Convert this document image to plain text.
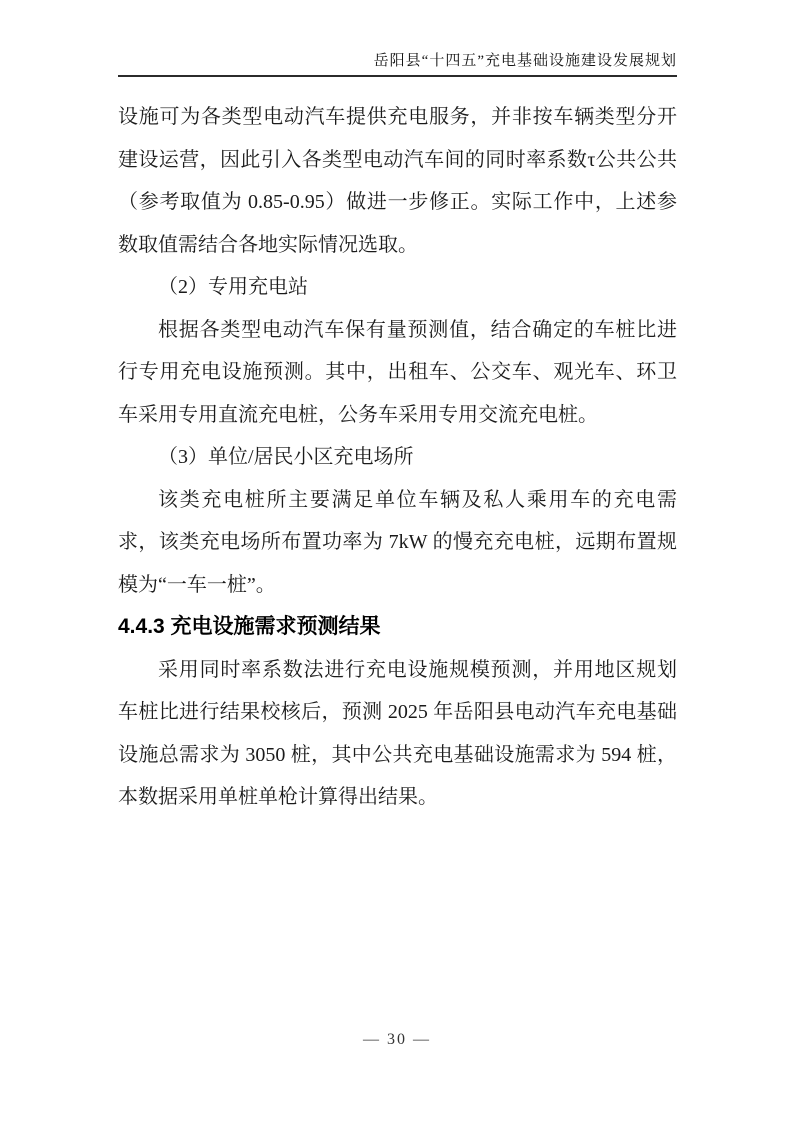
岳阳县“十四五”充电基础设施建设发展规划

设施可为各类型电动汽车提供充电服务，并非按车辆类型分开建设运营，因此引入各类型电动汽车间的同时率系数τ公共公共（参考取值为 0.85-0.95）做进一步修正。实际工作中，上述参数取值需结合各地实际情况选取。

（2）专用充电站

根据各类型电动汽车保有量预测值，结合确定的车桩比进行专用充电设施预测。其中，出租车、公交车、观光车、环卫车采用专用直流充电桩，公务车采用专用交流充电桩。

（3）单位/居民小区充电场所

该类充电桩所主要满足单位车辆及私人乘用车的充电需求，该类充电场所布置功率为 7kW 的慢充充电桩，远期布置规模为“一车一桩”。

4.4.3 充电设施需求预测结果

采用同时率系数法进行充电设施规模预测，并用地区规划车桩比进行结果校核后，预测 2025 年岳阳县电动汽车充电基础设施总需求为 3050 桩，其中公共充电基础设施需求为 594 桩，本数据采用单桩单枪计算得出结果。

— 30 —
